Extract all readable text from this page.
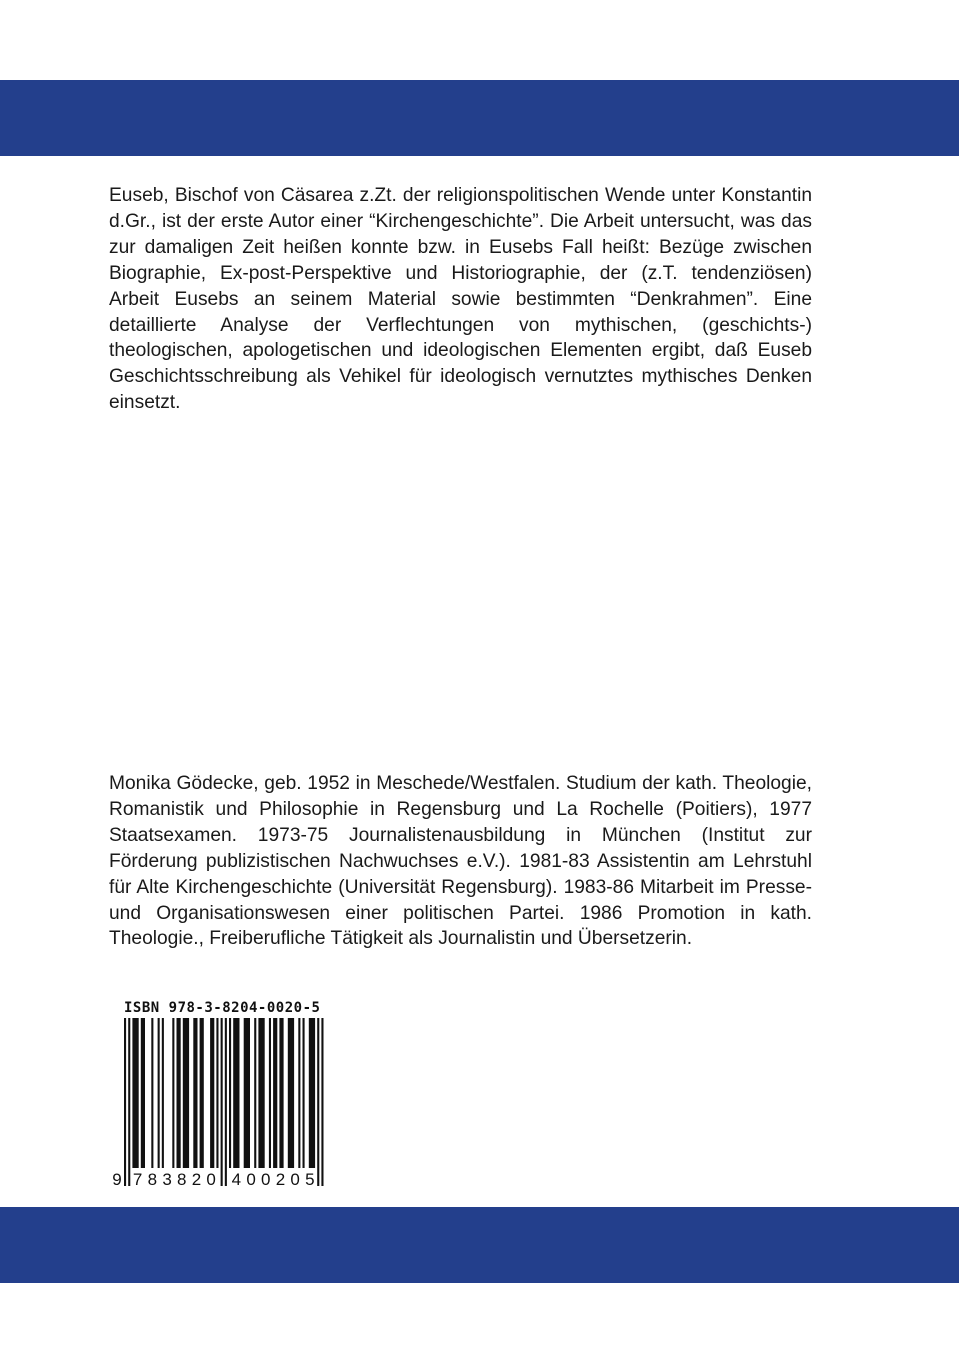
Euseb, Bischof von Cäsarea z.Zt. der religionspolitischen Wende unter Konstantin d.Gr., ist der erste Autor einer “Kirchengeschichte”. Die Arbeit untersucht, was das zur damaligen Zeit heißen konnte bzw. in Eusebs Fall heißt: Bezüge zwischen Biographie, Ex-post-Perspektive und Historiographie, der (z.T. tendenziösen) Arbeit Eusebs an seinem Material sowie bestimmten “Denkrahmen”. Eine detaillierte Analyse der Verflechtungen von mythischen, (geschichts-) theologischen, apologetischen und ideologischen Elementen ergibt, daß Euseb Geschichtsschreibung als Vehikel für ideologisch vernutztes mythisches Denken einsetzt.

Monika Gödecke, geb. 1952 in Meschede/Westfalen. Studium der kath. Theologie, Romanistik und Philosophie in Regensburg und La Rochelle (Poitiers), 1977 Staatsexamen. 1973-75 Journalistenausbildung in München (Institut zur Förderung publizistischen Nachwuchses e.V.). 1981-83 Assistentin am Lehrstuhl für Alte Kirchengeschichte (Universität Regensburg). 1983-86 Mitarbeit im Presse- und Organisationswesen einer politischen Partei. 1986 Promotion in kath. Theologie., Freiberufliche Tätigkeit als Journalistin und Übersetzerin.

ISBN 978-3-8204-0020-5
9 7 8 3 8 2 0 4 0 0 2 0 5
